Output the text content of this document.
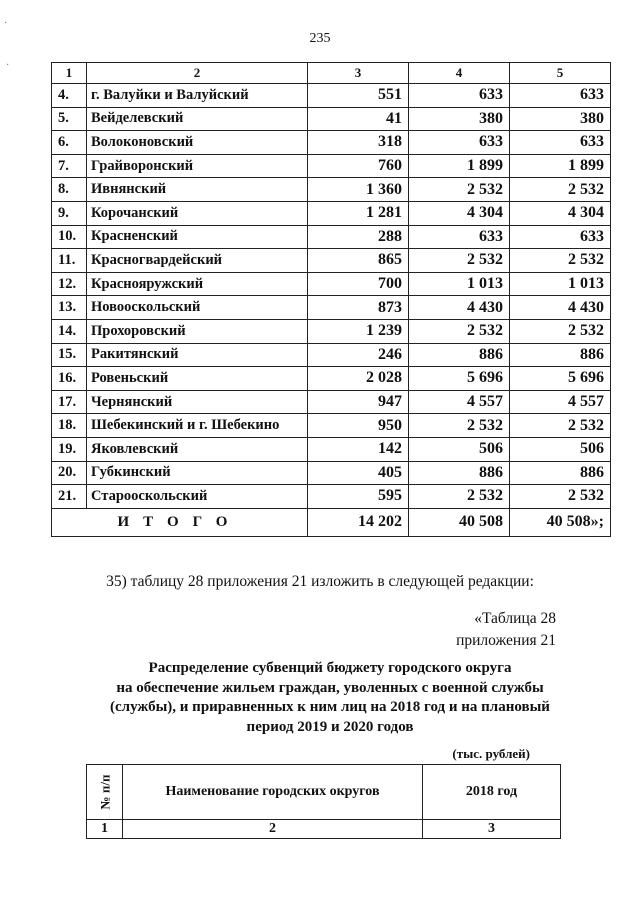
235
1	2	3	4	5
4.	г. Валуйки и Валуйский	551	633	633
5.	Вейделевский	41	380	380
6.	Волоконовский	318	633	633
7.	Грайворонский	760	1 899	1 899
8.	Ивнянский	1 360	2 532	2 532
9.	Корочанский	1 281	4 304	4 304
10.	Красненский	288	633	633
11.	Красногвардейский	865	2 532	2 532
12.	Краснояружский	700	1 013	1 013
13.	Новооскольский	873	4 430	4 430
14.	Прохоровский	1 239	2 532	2 532
15.	Ракитянский	246	886	886
16.	Ровеньский	2 028	5 696	5 696
17.	Чернянский	947	4 557	4 557
18.	Шебекинский и г. Шебекино	950	2 532	2 532
19.	Яковлевский	142	506	506
20.	Губкинский	405	886	886
21.	Старооскольский	595	2 532	2 532
ИТОГО		14 202	40 508	40 508»;
35) таблицу 28 приложения 21 изложить в следующей редакции:
«Таблица 28
приложения 21
Распределение субвенций бюджету городского округа
на обеспечение жильем граждан, уволенных с военной службы
(службы), и приравненных к ним лиц на 2018 год и на плановый
период 2019 и 2020 годов
(тыс. рублей)
№ п/п	Наименование городских округов	2018 год
1	2	3
·
·
